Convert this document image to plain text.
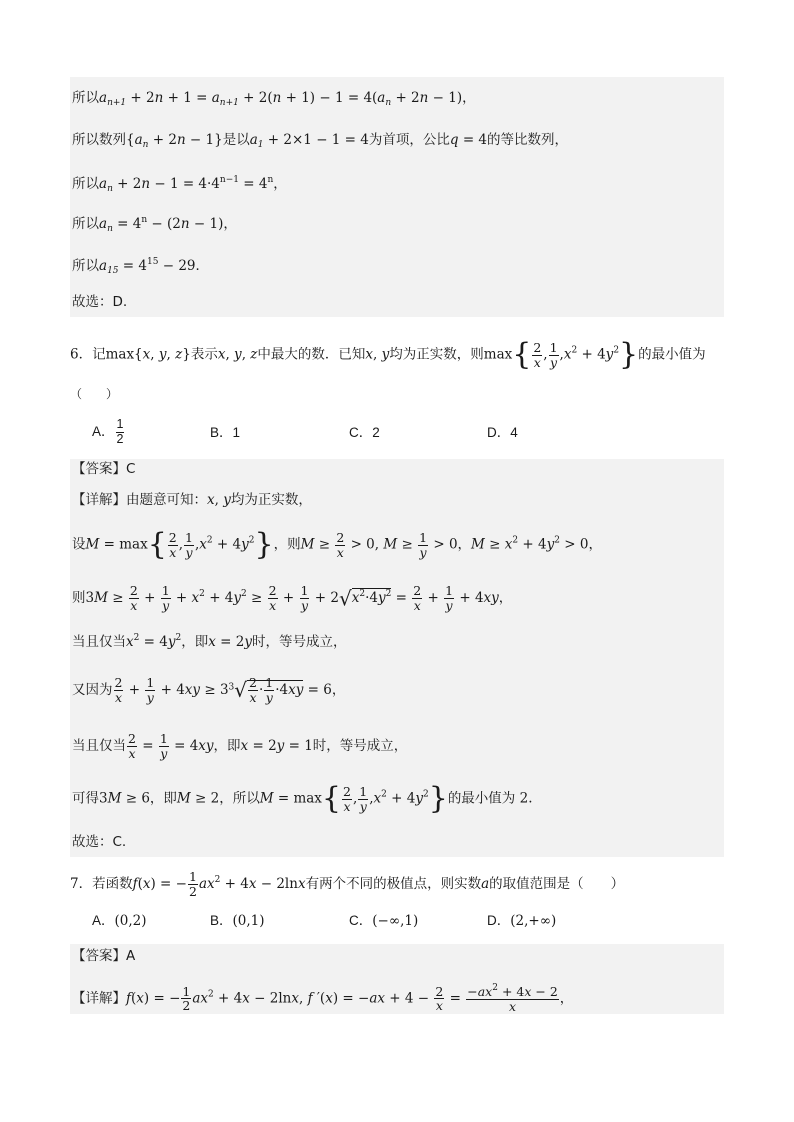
所以$a_{n+1} + 2n + 1 = a_{n+1} + 2(n + 1) - 1 = 4(a_n + 2n - 1)$，
所以数列$\{a_n + 2n - 1\}$是以$a_1 + 2\times 1 - 1 = 4$为首项，公比q = 4的等比数列，
所以$a_n + 2n - 1 = 4\cdot 4^{n-1} = 4^n$，
所以$a_n = 4^n - (2n - 1)$，
所以$a_{15} = 4^{15} - 29$．
故选：D.
6．记max{x, y, z}表示x, y, z中最大的数．已知x, y均为正实数，则$\max\{ \frac{2}{x}$ , $\frac{1}{y} ,x^2 + 4y^2$}的最小值为
（　　）
A． $\frac{1}{2}$	B．1	C．2	D．4
【答案】C
【详解】由题意可知：x, y均为正实数，
设$M = \max\{ \frac{2}{x}$ , $\frac{1}{y} ,x^2 + 4y^2$}，则$M \ge \frac{2}{x} > 0$, $M \ge \frac{1}{y} > 0$，$M \ge x^2 + 4y^2 > 0$，
则$3M \ge \frac{2}{x} + \frac{1}{y} + x^2 + 4y^2 \ge \frac{2}{x} + \frac{1}{y} + 2√x^2\cdot 4y^2 = \frac{2}{x} + \frac{1}{y} + 4xy$，
当且仅当$x^2 = 4y^2$，即x = 2y时，等号成立，
又因为 $\frac{2}{x} + \frac{1}{y} + 4xy \ge 3^3√ \frac{2}{x} \cdot \frac{1}{y} \cdot 4xy = 6$，
当且仅当 $\frac{2}{x} = \frac{1}{y} = 4xy$，即x = 2y = 1时，等号成立，
可得3M ≥ 6，即M ≥ 2，所以$M = \max\{ \frac{2}{x}$ , $\frac{1}{y} ,x^2 + 4y^2$}的最小值为 2.
故选：C.
7．若函数f(x) = − $\frac{1}{2} ax^2 + 4x - 2\ln x$有两个不同的极值点，则实数a的取值范围是（　　）
A．(0,2)	B．(0,1)	C．(−∞,1)	D．(2,+∞)
【答案】A
【详解】f(x) = − $\frac{1}{2} ax^2 + 4x - 2\ln x$, f $'(x) = -ax + 4 - \frac{2}{x} = \frac{-ax^2 + 4x - 2}{x}$ ，
